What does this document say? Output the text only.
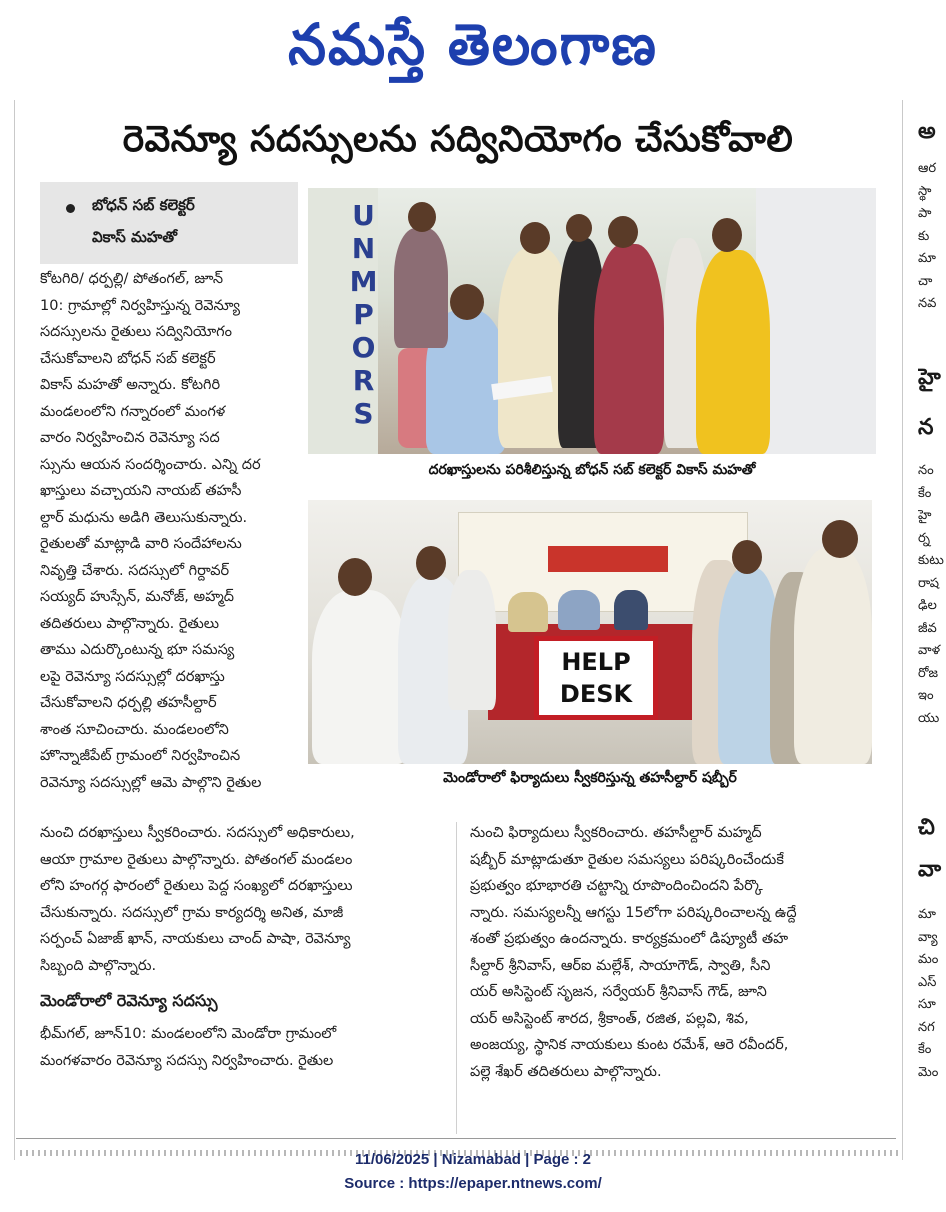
నమస్తే తెలంగాణ
రెవెన్యూ సదస్సులను సద్వినియోగం చేసుకోవాలి
బోధన్ సబ్ కలెక్టర్
వికాస్ మహతో

కోటగిరి/ ధర్పల్లి/ పోతంగల్, జూన్

10: గ్రామాల్లో నిర్వహిస్తున్న రెవెన్యూ

సదస్సులను రైతులు సద్వినియోగం

చేసుకోవాలని బోధన్ సబ్ కలెక్టర్

వికాస్ మహతో అన్నారు. కోటగిరి

మండలంలోని గన్నారంలో మంగళ

వారం నిర్వహించిన రెవెన్యూ సద

స్సును ఆయన సందర్శించారు. ఎన్ని దర

ఖాస్తులు వచ్చాయని నాయబ్ తహసీ

ల్దార్ మధును అడిగి తెలుసుకున్నారు.

రైతులతో మాట్లాడి వారి సందేహాలను

నివృత్తి చేశారు. సదస్సులో గిర్దావర్

సయ్యద్ హుస్సేన్, మనోజ్, అహ్మద్

తదితరులు పాల్గొన్నారు. రైతులు

తాము ఎదుర్కొంటున్న భూ సమస్య

లపై రెవెన్యూ సదస్సుల్లో దరఖాస్తు

చేసుకోవాలని ధర్పల్లి తహసీల్దార్

శాంత సూచించారు. మండలంలోని

హొన్నాజీపేట్ గ్రామంలో నిర్వహించిన

రెవెన్యూ సదస్సుల్లో ఆమె పాల్గొని రైతుల

UNMPORS
దరఖాస్తులను పరిశీలిస్తున్న బోధన్ సబ్ కలెక్టర్ వికాస్ మహతో
HELP
DESK
మెండోరాలో ఫిర్యాదులు స్వీకరిస్తున్న తహసీల్దార్ షబ్బీర్

నుంచి దరఖాస్తులు స్వీకరించారు. సదస్సులో అధికారులు,

ఆయా గ్రామాల రైతులు పాల్గొన్నారు. పోతంగల్ మండలం

లోని హంగర్గ ఫారంలో రైతులు పెద్ద సంఖ్యలో దరఖాస్తులు

చేసుకున్నారు. సదస్సులో గ్రామ కార్యదర్శి అనిత, మాజీ

సర్పంచ్ ఏజాజ్ ఖాన్, నాయకులు చాంద్ పాషా, రెవెన్యూ

సిబ్బంది పాల్గొన్నారు.

మెండోరాలో రెవెన్యూ సదస్సు

భీమ్‌గల్, జూన్10: మండలంలోని మెండోరా గ్రామంలో

మంగళవారం రెవెన్యూ సదస్సు నిర్వహించారు. రైతుల

నుంచి ఫిర్యాదులు స్వీకరించారు. తహసీల్దార్ మహ్మద్

షబ్బీర్ మాట్లాడుతూ రైతుల సమస్యలు పరిష్కరించేందుకే

ప్రభుత్వం భూభారతి చట్టాన్ని రూపొందించిందని పేర్కొ

న్నారు. సమస్యలన్నీ ఆగస్టు 15లోగా పరిష్కరించాలన్న ఉద్దే

శంతో ప్రభుత్వం ఉందన్నారు. కార్యక్రమంలో డిప్యూటీ తహ

సీల్దార్ శ్రీనివాస్, ఆర్ఐ మల్లేశ్, సాయాగౌడ్, స్వాతి, సీని

యర్ అసిస్టెంట్ సృజన, సర్వేయర్ శ్రీనివాస్ గౌడ్, జూని

యర్ అసిస్టెంట్ శారద, శ్రీకాంత్, రజిత, పల్లవి, శివ,

అంజయ్య, స్థానిక నాయకులు కుంట రమేశ్, ఆరె రవీందర్,

పల్లె శేఖర్ తదితరులు పాల్గొన్నారు.

అ
ఆర
స్థా
పా
కు
మా
చా
నవ
హై
న
నం
కేం
హై
ర్న
కుటు
రాష
ఢిల
జీవ
వాళ
రోజ
ఇం
యు
చి
వా
మా
వ్యా
మం
ఎస్
సూ
నగ
కేం
మెం
11/06/2025 | Nizamabad | Page : 2
Source : https://epaper.ntnews.com/
